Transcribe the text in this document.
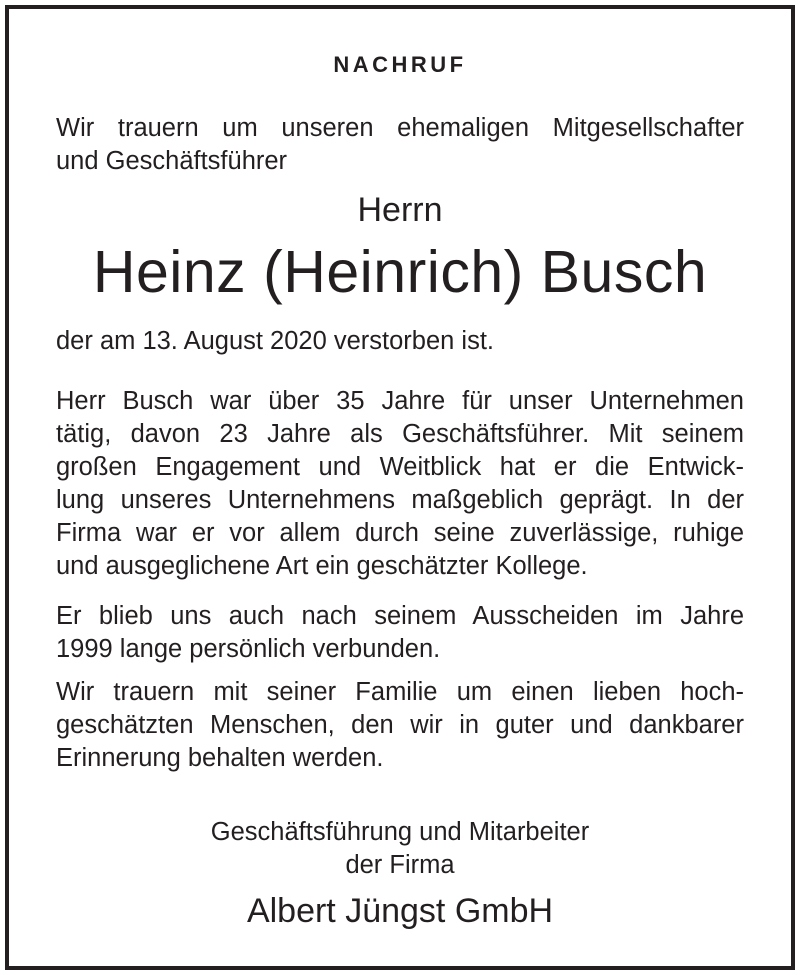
NACHRUF

Wir trauern um unseren ehemaligen Mitgesellschafter
und Geschäftsführer

Herrn
Heinz (Heinrich) Busch

der am 13. August 2020 verstorben ist.

Herr Busch war über 35 Jahre für unser Unternehmen
tätig, davon 23 Jahre als Geschäftsführer. Mit seinem
großen Engagement und Weitblick hat er die Entwick-
lung unseres Unternehmens maßgeblich geprägt. In der
Firma war er vor allem durch seine zuverlässige, ruhige
und ausgeglichene Art ein geschätzter Kollege.

Er blieb uns auch nach seinem Ausscheiden im Jahre
1999 lange persönlich verbunden.

Wir trauern mit seiner Familie um einen lieben hoch-
geschätzten Menschen, den wir in guter und dankbarer
Erinnerung behalten werden.

Geschäftsführung und Mitarbeiter
der Firma
Albert Jüngst GmbH
